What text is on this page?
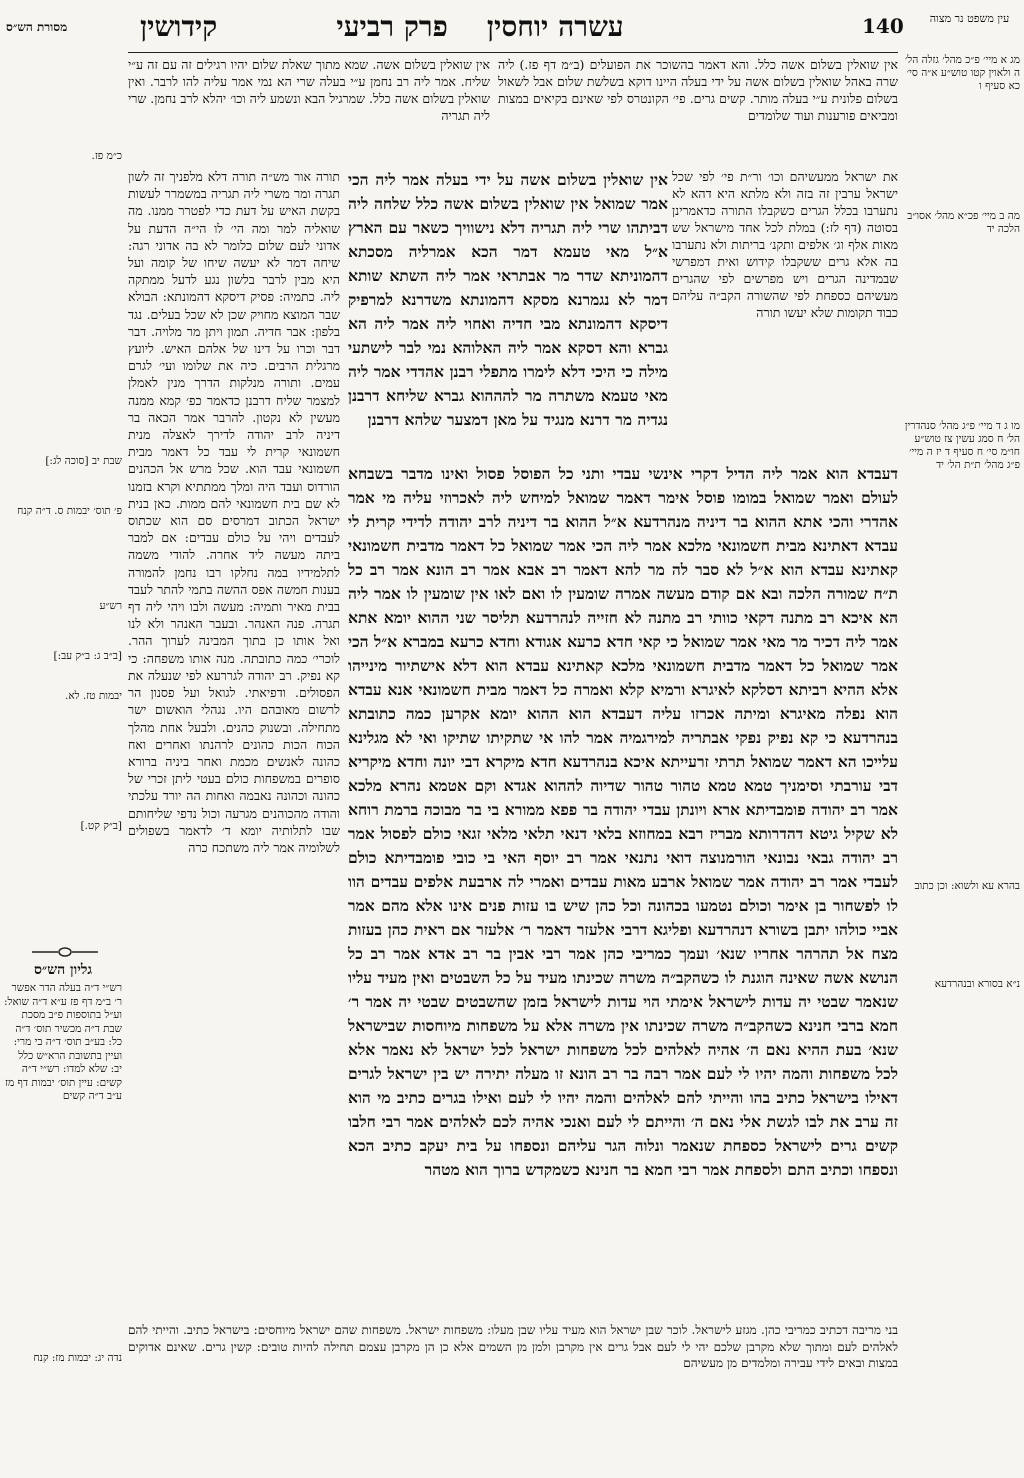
עין משפט נר מצוה
140
עשרה יוחסין    פרק רביעי
קידושין
מסורת הש״ס

אין שואלין בשלום אשה כלל. והא דאמר בהשוכר את הפועלים (ב״מ דף פז.) ליה שרה באהל שואלין בשלום אשה על ידי בעלה היינו דוקא בשלשת שלום אבל לשאול בשלום פלונית ע״י בעלה מותר. קשים גרים. פי׳ הקונטרס לפי שאינם בקיאים במצות ומביאים פורענות ועוד שלומדים

אין שואלין בשלום אשה. שמא מתוך שאלת שלום יהיו רגילים זה עם זה ע״י שליח. אמר ליה רב נחמן ע״י בעלה שרי הא נמי אמר עליה להו לרבר. ואין שואלין בשלום אשה כלל. שמרגיל הבא ונשמע ליה וכו׳ יהלא לרב נחמן. שרי ליה תגריה

את ישראל ממעשיהם וכו׳ ור״ת פי׳ לפי שכל ישראל ערבין זה בזה ולא מלתא היא דהא לא נתערבו בכלל הגרים כשקבלו התורה כדאמרינן בסוטה (דף לז:) במלת לכל אחד מישראל שש מאות אלף וג׳ אלפים ותקנ׳ בריתות ולא נתערבו בה אלא גרים ששקבלו קידוש ואית דמפרשי שבמדינה הגרים ויש מפרשים לפי שהגרים מעשיהם כספחת לפי שהשורה הקב״ה עליהם כבוד תקומות שלא יעשו תורה

אין שואלין בשלום אשה על ידי בעלה אמר ליה הכי אמר שמואל אין שואלין בשלום אשה כלל שלחה ליה דביתהו שרי ליה תגריה דלא נישוויך כשאר עם הארץ א״ל מאי טעמא דמר הכא אמרליה מסכתא דהמוניתא שדר מר אבתראי אמר ליה השתא שותא דמר לא נגמרנא מסקא דהמונתא משדרנא למרפיק דיסקא דהמונתא מבי חדיה ואחוי ליה אמר ליה הא גברא והא דסקא אמר ליה האלוהא נמי לבר לישתעי מילה כי היכי דלא לימרו מתפלי רבנן אהדדי אמר ליה מאי טעמא משתרה מר להההוא גברא שליחא דרבנן נגדיה מר דרנא מנגיד על מאן דמצער שלהא דרבנן

דעבדא הוא אמר ליה הדיל דקרי אינשי עבדי ותני כל הפוסל פסול ואינו מדבר בשבחא לעולם ואמר שמואל במומו פוסל אימר דאמר שמואל למיחש ליה לאכרוזי עליה מי אמר אהדרי והכי אתא ההוא בר דיניה מנהרדעא א״ל ההוא בר דיניה לרב יהודה לדידי קרית לי עבדא דאתינא מבית חשמונאי מלכא אמר ליה הכי אמר שמואל כל דאמר מדבית חשמונאי קאתינא עבדא הוא א״ל לא סבר לה מר להא דאמר רב אבא אמר רב הונא אמר רב כל ת״ח שמורה הלכה ובא אם קודם מעשה אמרה שומעין לו ואם לאו אין שומעין לו אמר ליה הא איכא רב מתנה דקאי כוותי רב מתנה לא חזייה לנהרדעא תליסר שני ההוא יומא אתא אמר ליה דכיר מר מאי אמר שמואל כי קאי חדא כרעא אגודא וחדא כרעא במברא א״ל הכי אמר שמואל כל דאמר מדבית חשמונאי מלכא קאתינא עבדא הוא דלא אישתיור מינייהו אלא ההיא רביתא דסלקא לאיגרא ורמיא קלא ואמרה כל דאמר מבית חשמונאי אנא עבדא הוא נפלה מאיגרא ומיתה אכרזו עליה דעבדא הוא ההוא יומא אקרען כמה כתובתא בנהרדעא כי קא נפיק נפקי אבתריה למירגמיה אמר להו אי שתקיתו שתיקו ואי לא מגלינא עלייכו הא דאמר שמואל תרתי זרעייתא איכא בנהרדעא חדא מיקרא דבי יונה וחדא מיקריא דבי עורבתי וסימניך טמא טמא טהור טהור שדיוה לההוא אגדא וקם אטמא נהרא מלכא אמר רב יהודה פומבדיתא ארא ויונתן עבדי יהודה בר פפא ממורא בי בר מבוכה ברמת רוחא לא שקיל גיטא דהדרותא מבריז רבא במחוזא בלאי דנאי תלאי מלאי זגאי כולם לפסול אמר רב יהודה גבאי נבונאי הורמנוצה דואי נתנאי אמר רב יוסף האי בי כובי פומבדיתא כולם לעבדי אמר רב יהודה אמר שמואל ארבע מאות עבדים ואמרי לה ארבעת אלפים עבדים הוו לו לפשחור בן אימר וכולם נטמעו בכהונה וכל כהן שיש בו עזות פנים אינו אלא מהם אמר אביי כולהו יתבן בשורא דנהרדעא ופליגא דרבי אלעזר דאמר ר׳ אלעזר אם ראית כהן בעזות מצח אל תהרהר אחריו שנא׳ ועמך כמריבי כהן אמר רבי אבין בר רב אדא אמר רב כל הנושא אשה שאינה הוגנת לו כשהקב״ה משרה שכינתו מעיד על כל השבטים ואין מעיד עליו שנאמר שבטי יה עדות לישראל אימתי הוי עדות לישראל בזמן שהשבטים שבטי יה אמר ר׳ חמא ברבי חנינא כשהקב״ה משרה שכינתו אין משרה אלא על משפחות מיוחסות שבישראל שנא׳ בעת ההיא נאם ה׳ אהיה לאלהים לכל משפחות ישראל לכל ישראל לא נאמר אלא לכל משפחות והמה יהיו לי לעם אמר רבה בר רב הונא זו מעלה יתירה יש בין ישראל לגרים דאילו בישראל כתיב בהו והייתי להם לאלהים והמה יהיו לי לעם ואילו בגרים כתיב מי הוא זה ערב את לבו לגשת אלי נאם ה׳ והייתם לי לעם ואנכי אהיה לכם לאלהים אמר רבי חלבו קשים גרים לישראל כספחת שנאמר ונלוה הגר עליהם ונספחו על בית יעקב כתיב הכא ונספחו וכתיב התם ולספחת אמר רבי חמא בר חנינא כשמקדש ברוך הוא מטהר

תורה אור מש״ה תורה דלא מלפניך זה לשון תגרה ומר משרי ליה תגריה במשמרר לעשות בקשת האיש על דעת כדי לפטרר ממנו. מה שואליה למר ומה הי׳ לו הי״ה הדעת על אדוני לעם שלום כלומר לא בה אדוני רגה: שיחה דמר לא יעשה שיחו של קומה ועל היא מבין לרבר בלשון נגע לדעל ממתקה ליה. כתמיה: פסיק דיסקא דהמונתא: הבולא שבר המוצא מחויק שכן לא שכל בעלים. נגד בלפון: אבר חדיה. תמון ויתן מר מלויה. דבר דבר וכרו על דינו של אלהם האיש. ליועץ מרגלית הרבים. כיה את שלומו ועי׳ לגרם עמים. ותורה מנלקות הדרך מנין לאמלן למצמר שליח דרבנן כדאמר כפ׳ קמא ממנה מעשין לא נקטון. להרבר אמר הכאה בר דיניה לרב יהודה לדירך לאצלה מנית חשמונאי קרית לי עבד כל דאמר מבית חשמונאי עבד הוא. שכל מרש אל הכהנים הורדוס ועבד היה ומלך ממתתיא וקרא בזמנו לא שם בית חשמונאי להם ממות. כאן בנית ישראל הכתוב דמרסים סם הוא שכתוס לעבדים ויהי על כולם עבדים: אם למבר ביתה מעשה ליד אחרה. להודי משמה לתלמידיו במה נחלקו רבו נחמן להמורה בענות חמשה אפס ההשה בתמי להתר לעבד בבית מאיר ותמיה: מעשה ולבו ויהי ליה דף תגרה. פנה האנהר. ובעבר האנהר ולא לנו ואל אותו כן בתוך המבינה לערוך ההר. לוכרי׳ כמה כתובתה. מנה אותו משפחה: כי קא נפיק. רב יהודה לגררעא לפי שנעלה את הפסולים. ודפיאתי. לגואל ועל פסנון הר לרשום מאובהם היו. נגהלי הואשום ישר מתחילה. ובשנוק כהנים. ולבעל אחת מהלך הכוח הכות כהונים לרהנתו ואחרים ואח כהונה לאנשים מכמת ואחר ביניה ברורא סופרים במשפחות כולם בעטי ליתן זכרי של כהונה וכהונה נאבמה ואחות הה יורד עלכתי והודה מהכוהנים מגרעה וכול נדפי שליחותם שבו לתלותיה יומא ד׳ לדאמר בשפולים לשלומיה אמר ליה משתכח כרה

בני מריבה דכתיב כמריבי כהן. מגזע לישראל. לוכר שבן ישראל הוא מעיד עליו שבן מעלו: משפחות ישראל. משפחות שהם ישראל מיוחסים: בישראל כתיב. והייתי להם לאלהים לעם ומתוך שלא מקרבן שלכם יהי לי לעם אבל גרים אין מקרבן ולמן מן השמים אלא כן הן מקרבן עצמם תחילה להיות טובים: קשין גרים. שאינם אדוקים במצות ובאים לידי עבירה ומלמדים מן מעשיהם

מג א מיי׳ פ״כ מהל׳ גזלה הל׳ ה ולאוין קטו טוש״ע א״ה סי׳ כא סעיף ו
מה ב מיי׳ פכ״א מהל׳ אסו״ב הלכה יד
מו ג ד מיי׳ פ״ג מהל׳ סנהדרין הל׳ ח סמג עשין צז טוש״ע חו״מ סי׳ ח סעיף ד יז ה מיי׳ פ״ג מהל׳ ת״ת הל׳ יד
בהרא עא ולשוא: וכן כתוב
נ״א בסורא ובנהרדעא
כ״מ פז.
שבת יב [סוכה לג:]
פ׳ תוס׳ יבמות ס. ד״ה קנח
רש״ע
[ב״ב ג: ב״ק עב:]
יבמות טז. לא.
[ב״ק קט.]
נדה יג: יבמות מז: קנח
גליון הש״ס
רש״י ד״ה בעלה הדר אפשר ר׳ ב״מ דף פז ע״א ד״ה שואל: וע״ל בתוספות פ״ב מסכת שבת ד״ה מכשיר תוס׳ ד״ה כל: בע״ב תוס׳ ד״ה בי מרי: ועיין בתשובת הרא״ש כלל יב: שלא למדו: רש״י ד״ה קשים: עיין תוס׳ יבמות דף מז ע״ב ד״ה קשים
